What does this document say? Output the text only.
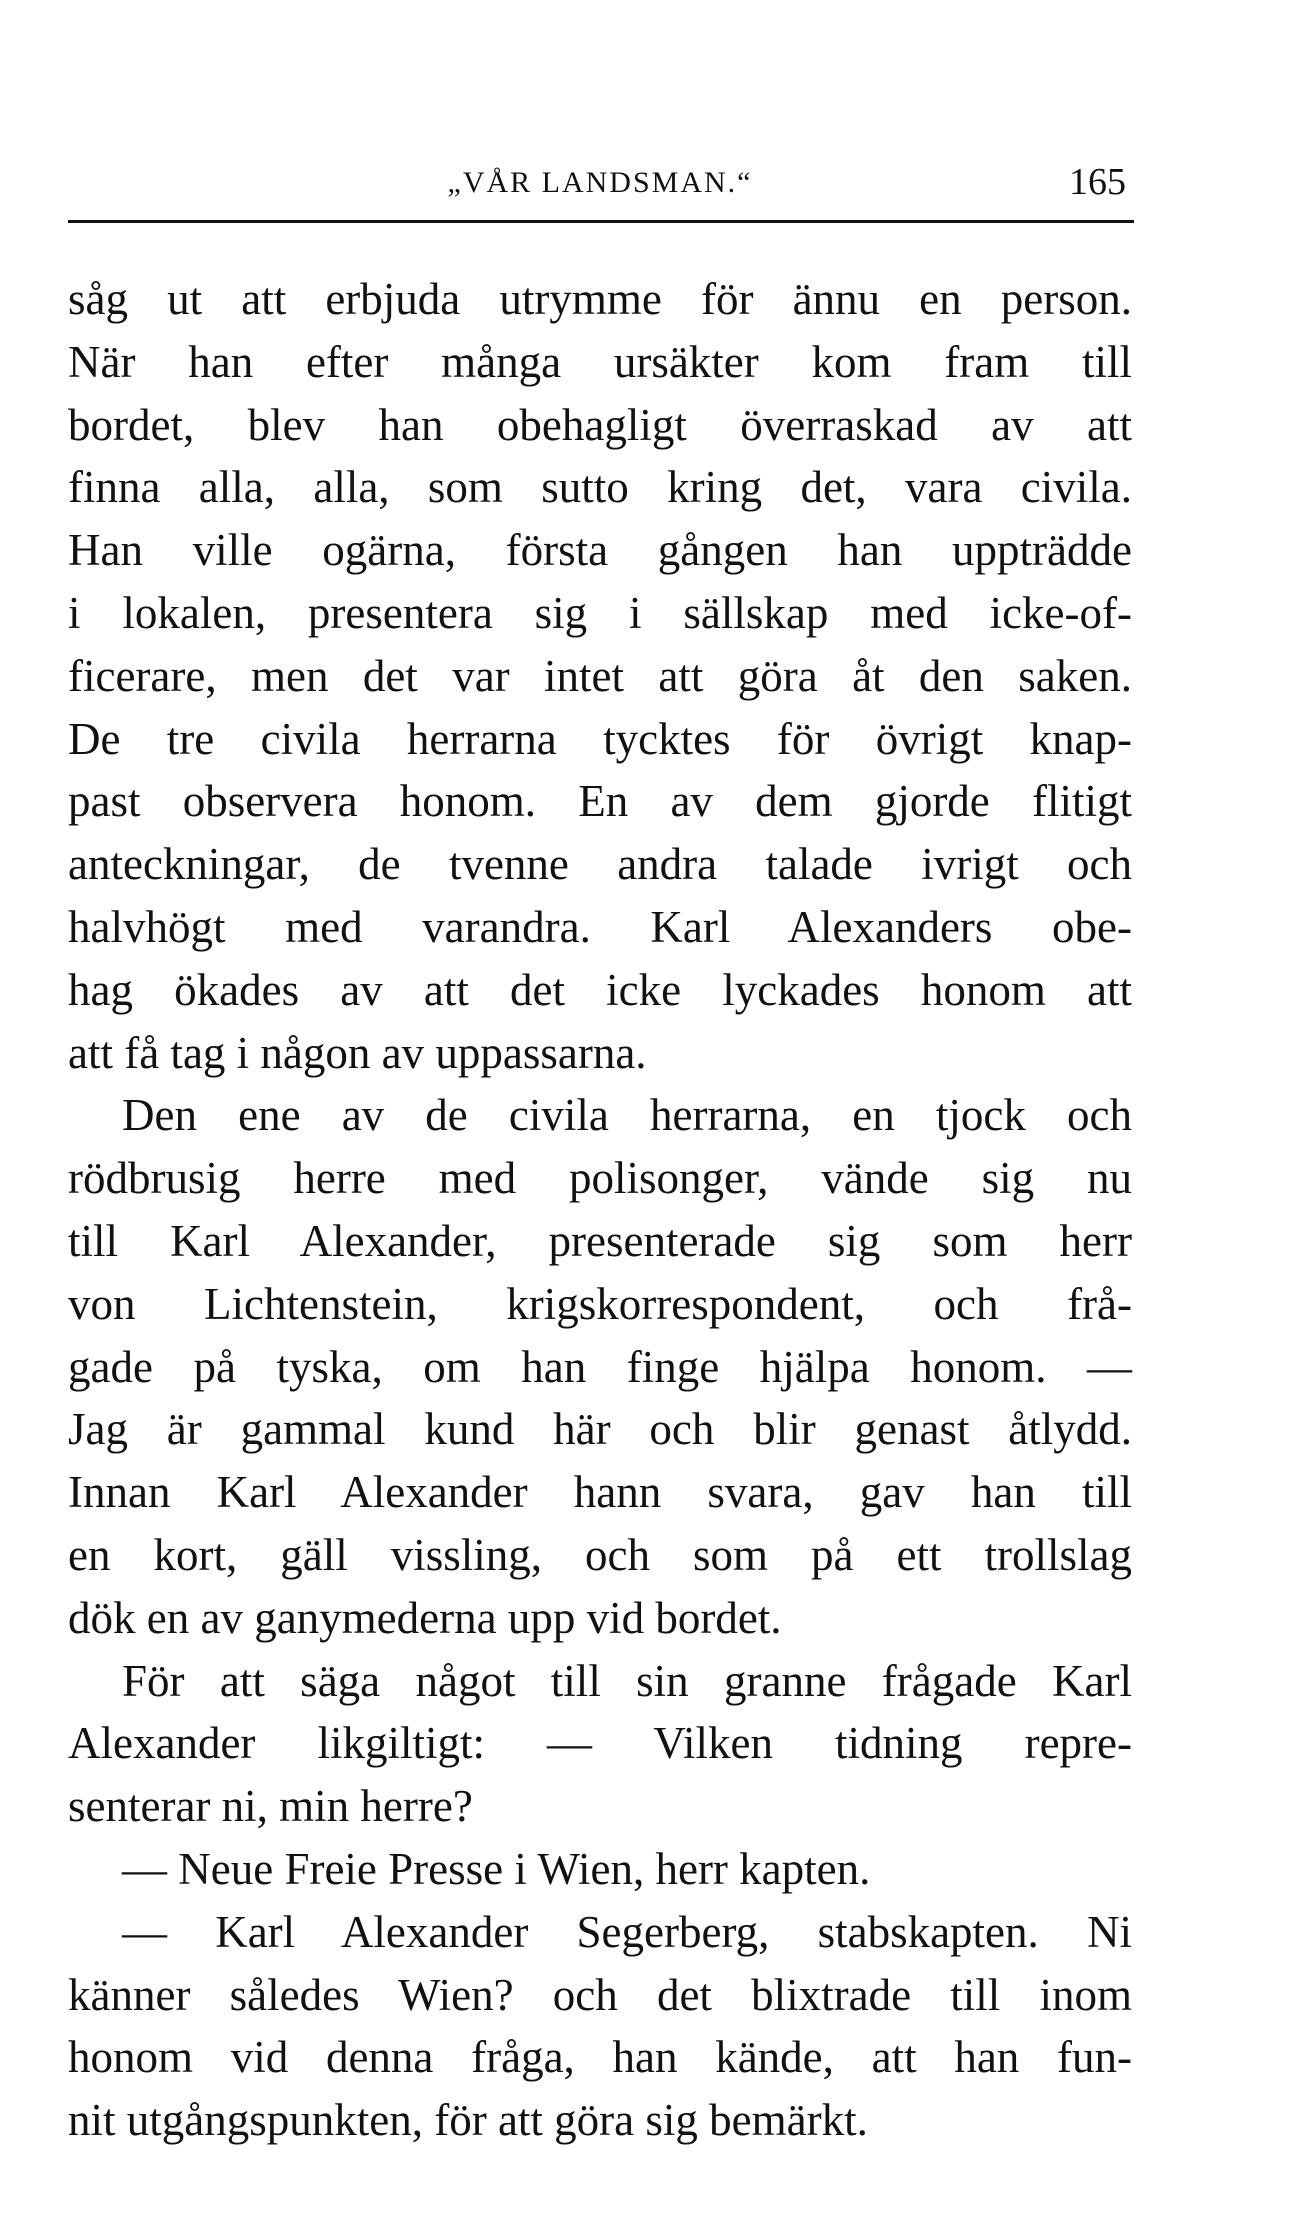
„VÅR LANDSMAN.“	165
såg ut att erbjuda utrymme för ännu en person.
När han efter många ursäkter kom fram till
bordet, blev han obehagligt överraskad av att
finna alla, alla, som sutto kring det, vara civila.
Han ville ogärna, första gången han uppträdde
i lokalen, presentera sig i sällskap med icke-of-
ficerare, men det var intet att göra åt den saken.
De tre civila herrarna tycktes för övrigt knap-
past observera honom. En av dem gjorde flitigt
anteckningar, de tvenne andra talade ivrigt och
halvhögt med varandra. Karl Alexanders obe-
hag ökades av att det icke lyckades honom att
att få tag i någon av uppassarna.
Den ene av de civila herrarna, en tjock och
rödbrusig herre med polisonger, vände sig nu
till Karl Alexander, presenterade sig som herr
von Lichtenstein, krigskorrespondent, och frå-
gade på tyska, om han finge hjälpa honom. —
Jag är gammal kund här och blir genast åtlydd.
Innan Karl Alexander hann svara, gav han till
en kort, gäll vissling, och som på ett trollslag
dök en av ganymederna upp vid bordet.
För att säga något till sin granne frågade Karl
Alexander likgiltigt: — Vilken tidning repre-
senterar ni, min herre?
— Neue Freie Presse i Wien, herr kapten.
— Karl Alexander Segerberg, stabskapten. Ni
känner således Wien? och det blixtrade till inom
honom vid denna fråga, han kände, att han fun-
nit utgångspunkten, för att göra sig bemärkt.
